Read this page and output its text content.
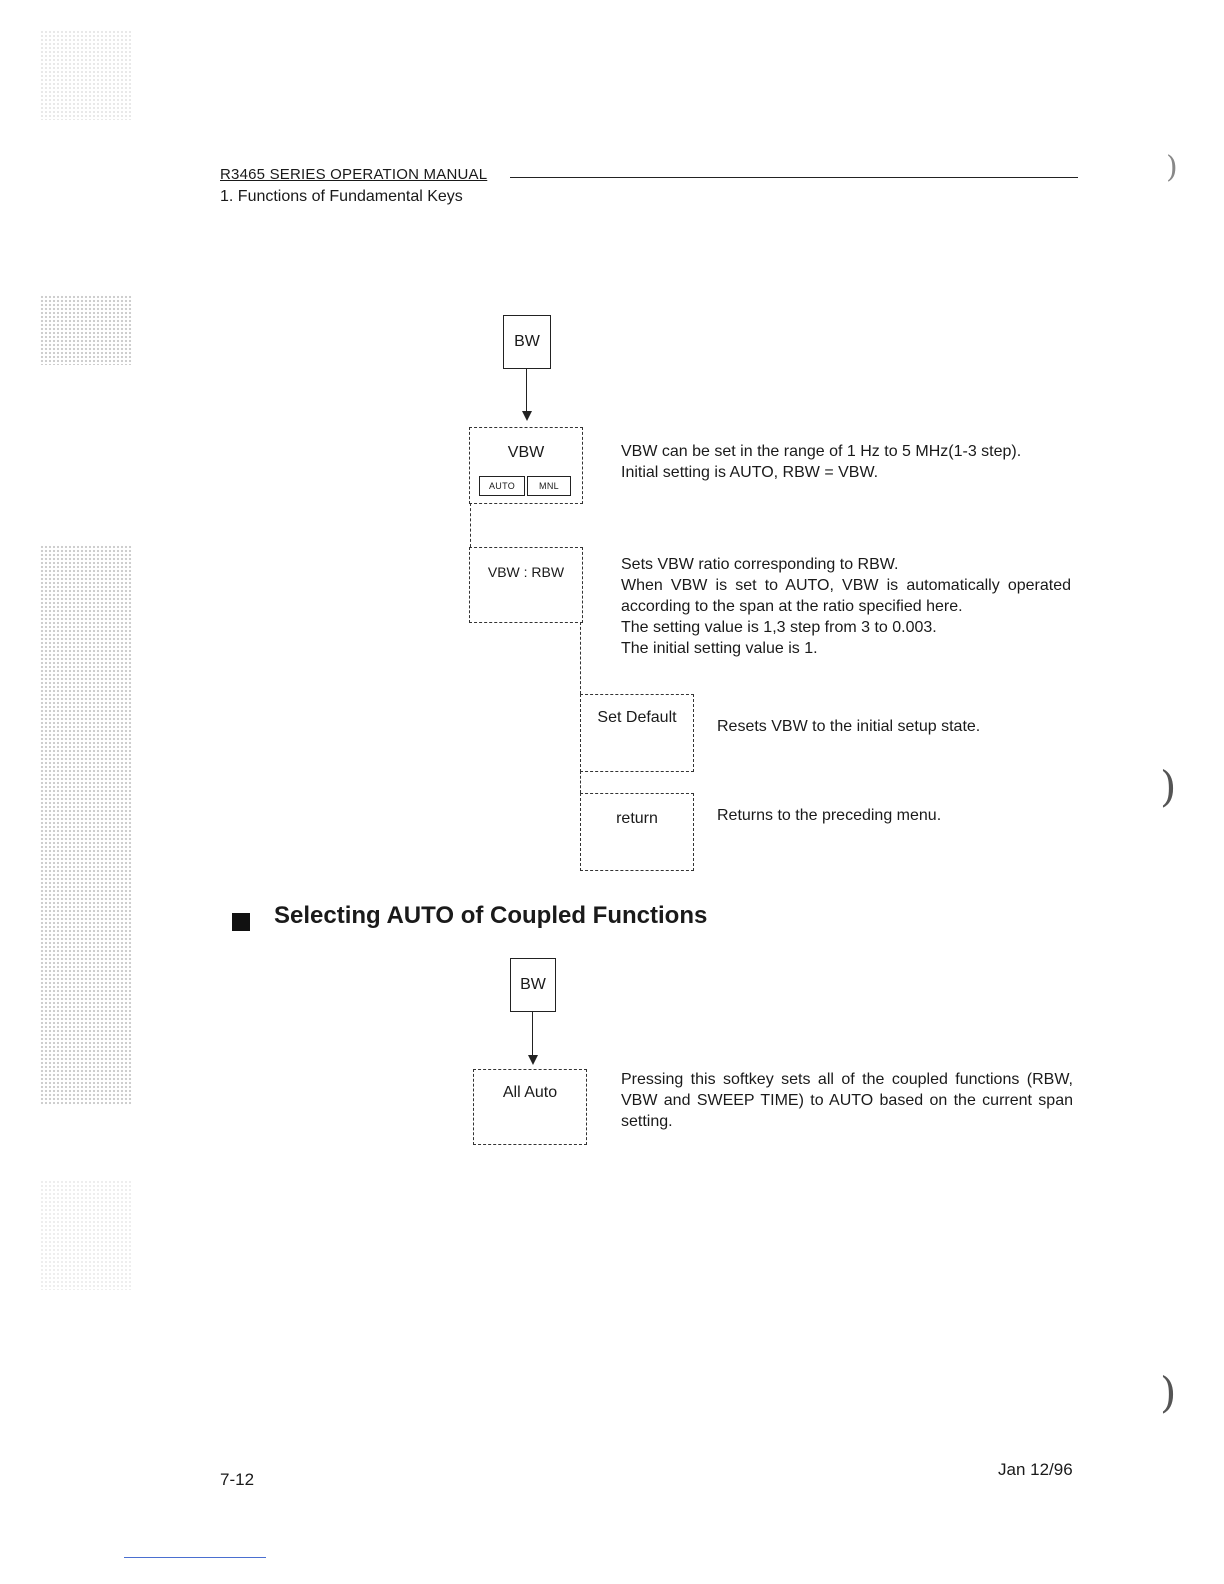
R3465 SERIES OPERATION MANUAL
1. Functions of Fundamental Keys
BW
VBW
AUTO	MNL

VBW can be set in the range of 1 Hz to 5 MHz(1-3 step). Initial setting is AUTO, RBW = VBW.

VBW : RBW	Sets VBW ratio corresponding to RBW.

When VBW is set to AUTO, VBW is automatically operated according to the span at the ratio specified here.

The setting value is 1,3 step from 3 to 0.003.

The initial setting value is 1.

Set Default

Resets VBW to the initial setup state.

return	Returns to the preceding menu.

Selecting AUTO of Coupled Functions
BW
All Auto

Pressing this softkey sets all of the coupled functions (RBW, VBW and SWEEP TIME) to AUTO based on the current span setting.

7-12
Jan 12/96
)
)
)
